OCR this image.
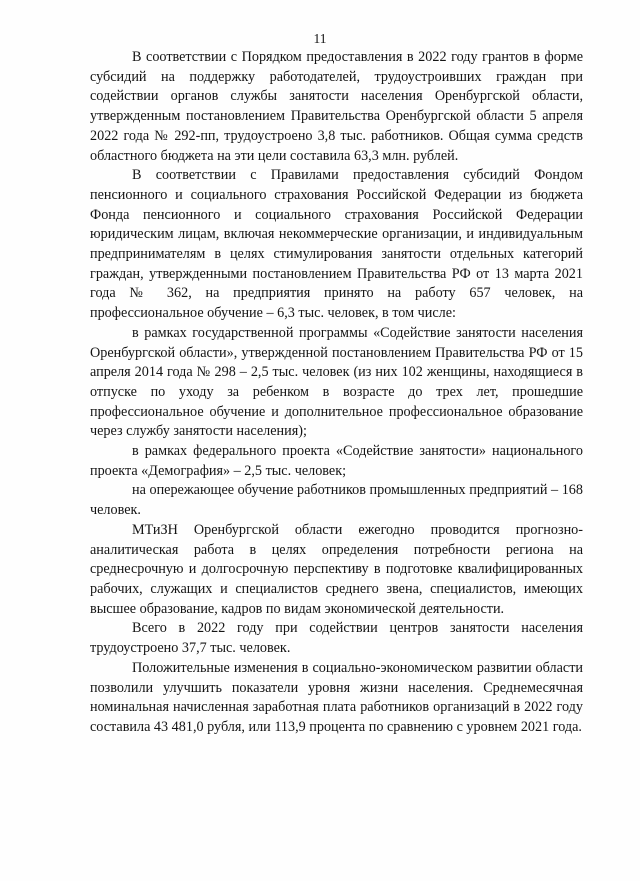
11

В соответствии с Порядком предоставления в 2022 году грантов в форме субсидий на поддержку работодателей, трудоустроивших граждан при содействии органов службы занятости населения Оренбургской области, утвержденным постановлением Правительства Оренбургской области 5 апреля 2022 года № 292-пп, трудоустроено 3,8 тыс. работников. Общая сумма средств областного бюджета на эти цели составила 63,3 млн. рублей.

В соответствии с Правилами предоставления субсидий Фондом пенсионного и социального страхования Российской Федерации из бюджета Фонда пенсионного и социального страхования Российской Федерации юридическим лицам, включая некоммерческие организации, и индивидуальным предпринимателям в целях стимулирования занятости отдельных категорий граждан, утвержденными постановлением Правительства РФ от 13 марта 2021 года № 362, на предприятия принято на работу 657 человек, на профессиональное обучение – 6,3 тыс. человек, в том числе:

в рамках государственной программы «Содействие занятости населения Оренбургской области», утвержденной постановлением Правительства РФ от 15 апреля 2014 года № 298 – 2,5 тыс. человек (из них 102 женщины, находящиеся в отпуске по уходу за ребенком в возрасте до трех лет, прошедшие профессиональное обучение и дополнительное профессиональное образование через службу занятости населения);

в рамках федерального проекта «Содействие занятости» национального проекта «Демография» – 2,5 тыс. человек;

на опережающее обучение работников промышленных предприятий – 168 человек.

МТиЗН Оренбургской области ежегодно проводится прогнозно-аналитическая работа в целях определения потребности региона на среднесрочную и долгосрочную перспективу в подготовке квалифицированных рабочих, служащих и специалистов среднего звена, специалистов, имеющих высшее образование, кадров по видам экономической деятельности.

Всего в 2022 году при содействии центров занятости населения трудоустроено 37,7 тыс. человек.

Положительные изменения в социально-экономическом развитии области позволили улучшить показатели уровня жизни населения. Среднемесячная номинальная начисленная заработная плата работников организаций в 2022 году составила 43 481,0 рубля, или 113,9 процента по сравнению с уровнем 2021 года.
